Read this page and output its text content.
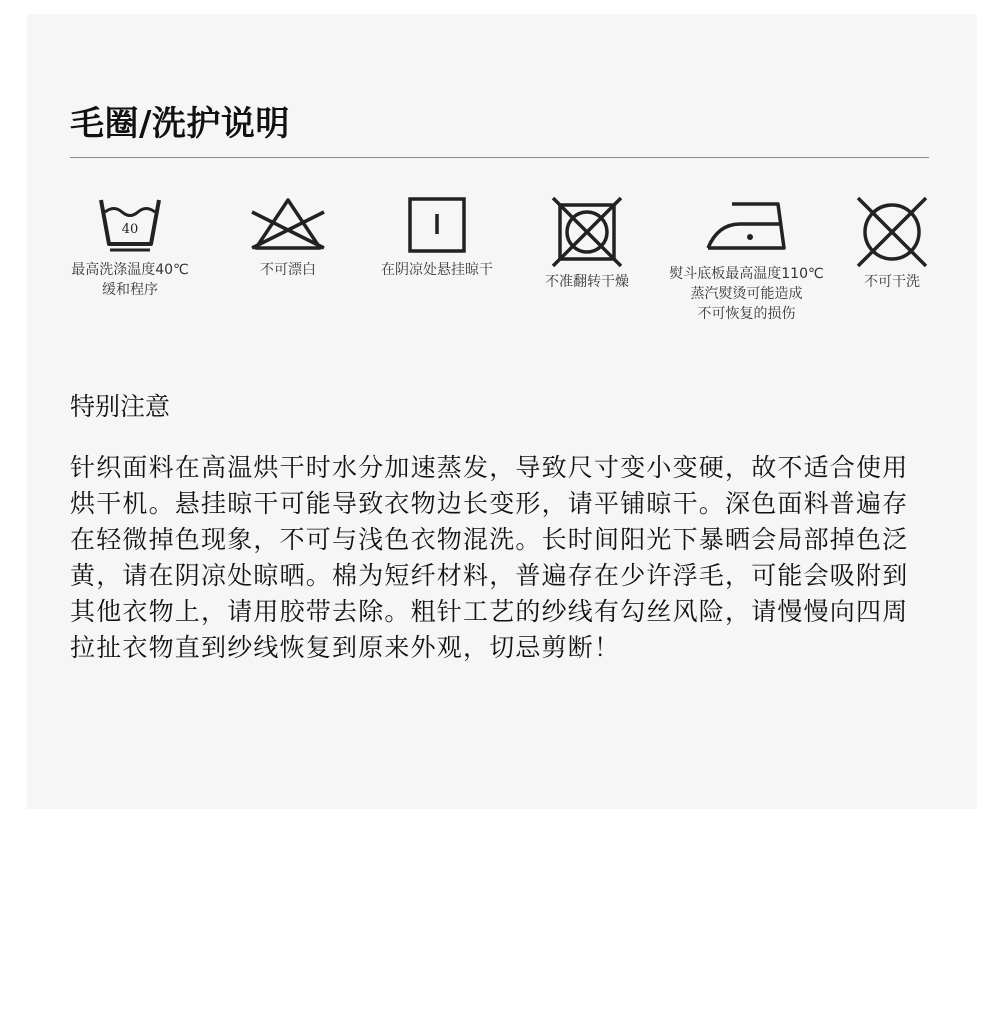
毛圈/洗护说明
40
最高洗涤温度40℃
缓和程序
不可漂白	在阴凉处悬挂晾干
不准翻转干燥	熨斗底板最高温度110℃
蒸汽熨烫可能造成
不可恢复的损伤
不可干洗
特别注意

针织面料在高温烘干时水分加速蒸发，导致尺寸变小变硬，故不适合使用烘干机。悬挂晾干可能导致衣物边长变形，请平铺晾干。深色面料普遍存在轻微掉色现象，不可与浅色衣物混洗。长时间阳光下暴晒会局部掉色泛黄，请在阴凉处晾晒。棉为短纤材料，普遍存在少许浮毛，可能会吸附到其他衣物上，请用胶带去除。粗针工艺的纱线有勾丝风险，请慢慢向四周拉扯衣物直到纱线恢复到原来外观，切忌剪断！
